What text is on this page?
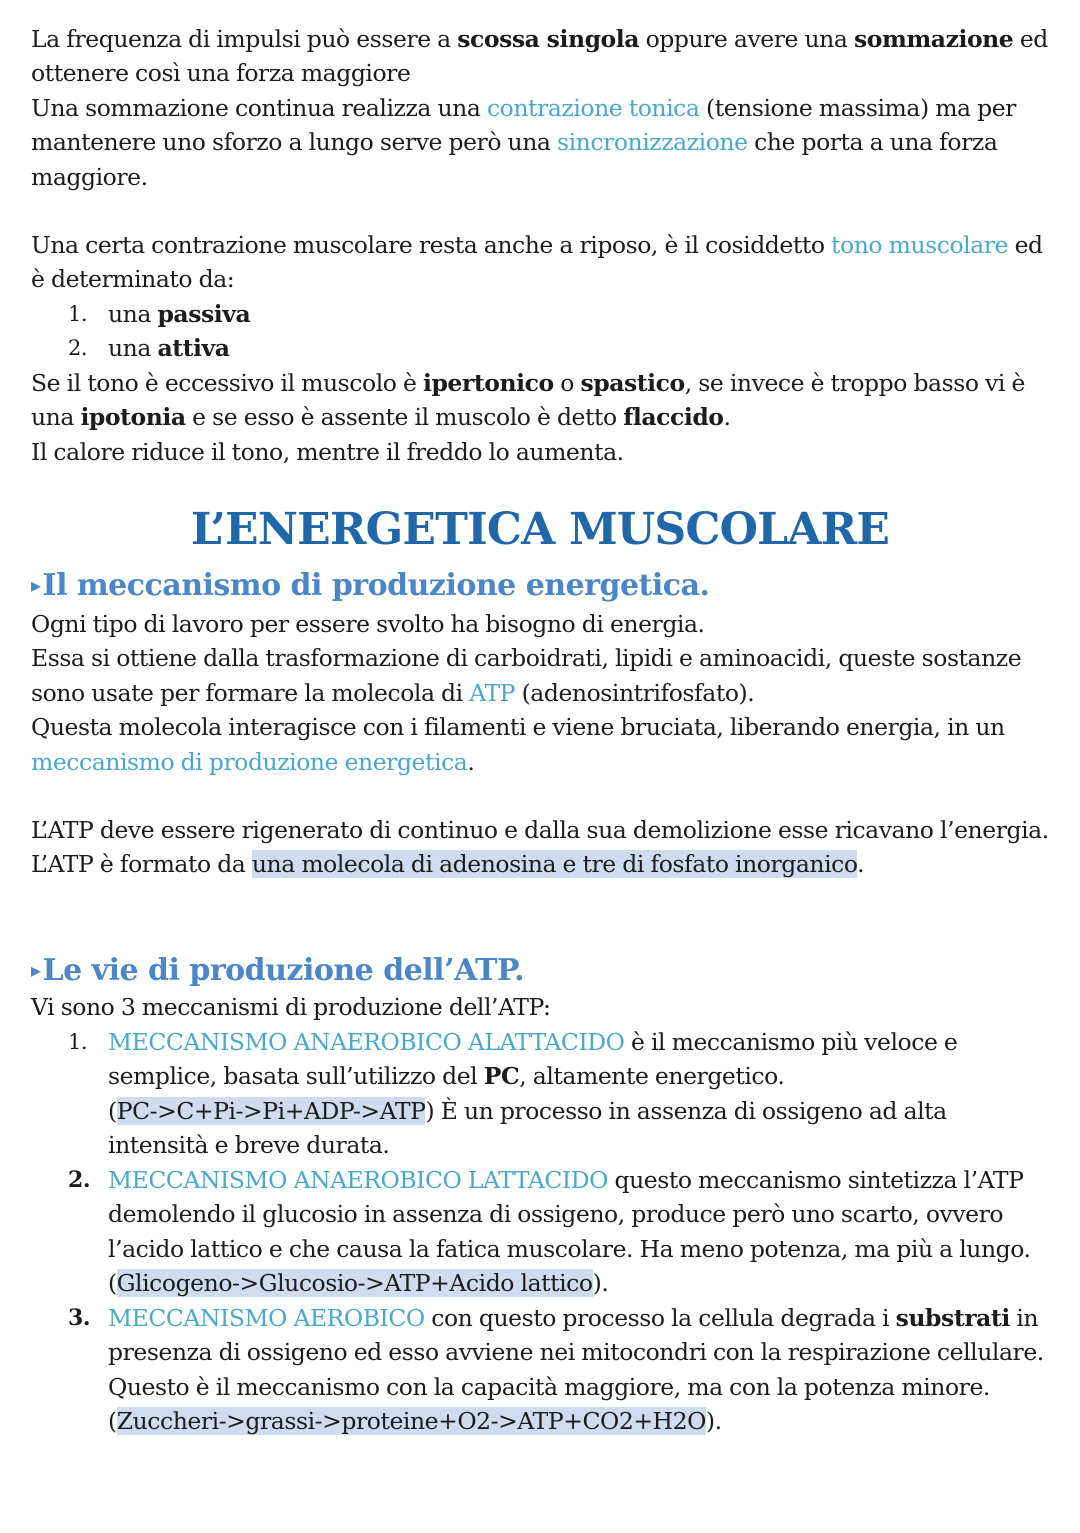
La frequenza di impulsi può essere a scossa singola oppure avere una sommazione ed ottenere così una forza maggiore
Una sommazione continua realizza una contrazione tonica (tensione massima) ma per mantenere uno sforzo a lungo serve però una sincronizzazione che porta a una forza maggiore.

Una certa contrazione muscolare resta anche a riposo, è il cosiddetto tono muscolare ed è determinato da:

1. una passiva
2. una attiva

Se il tono è eccessivo il muscolo è ipertonico o spastico, se invece è troppo basso vi è una ipotonia e se esso è assente il muscolo è detto flaccido.
Il calore riduce il tono, mentre il freddo lo aumenta.

L’ENERGETICA MUSCOLARE
▸Il meccanismo di produzione energetica.

Ogni tipo di lavoro per essere svolto ha bisogno di energia.
Essa si ottiene dalla trasformazione di carboidrati, lipidi e aminoacidi, queste sostanze sono usate per formare la molecola di ATP (adenosintrifosfato).
Questa molecola interagisce con i filamenti e viene bruciata, liberando energia, in un meccanismo di produzione energetica.

L’ATP deve essere rigenerato di continuo e dalla sua demolizione esse ricavano l’energia.
L’ATP è formato da una molecola di adenosina e tre di fosfato inorganico.

▸Le vie di produzione dell’ATP.

Vi sono 3 meccanismi di produzione dell’ATP:

1. MECCANISMO ANAEROBICO ALATTACIDO è il meccanismo più veloce e semplice, basata sull’utilizzo del PC, altamente energetico.
(PC->C+Pi->Pi+ADP->ATP) È un processo in assenza di ossigeno ad alta intensità e breve durata.
2. MECCANISMO ANAEROBICO LATTACIDO questo meccanismo sintetizza l’ATP demolendo il glucosio in assenza di ossigeno, produce però uno scarto, ovvero l’acido lattico e che causa la fatica muscolare. Ha meno potenza, ma più a lungo.
(Glicogeno->Glucosio->ATP+Acido lattico).
3. MECCANISMO AEROBICO con questo processo la cellula degrada i substrati in presenza di ossigeno ed esso avviene nei mitocondri con la respirazione cellulare. Questo è il meccanismo con la capacità maggiore, ma con la potenza minore. (Zuccheri->grassi->proteine+O2->ATP+CO2+H2O).
